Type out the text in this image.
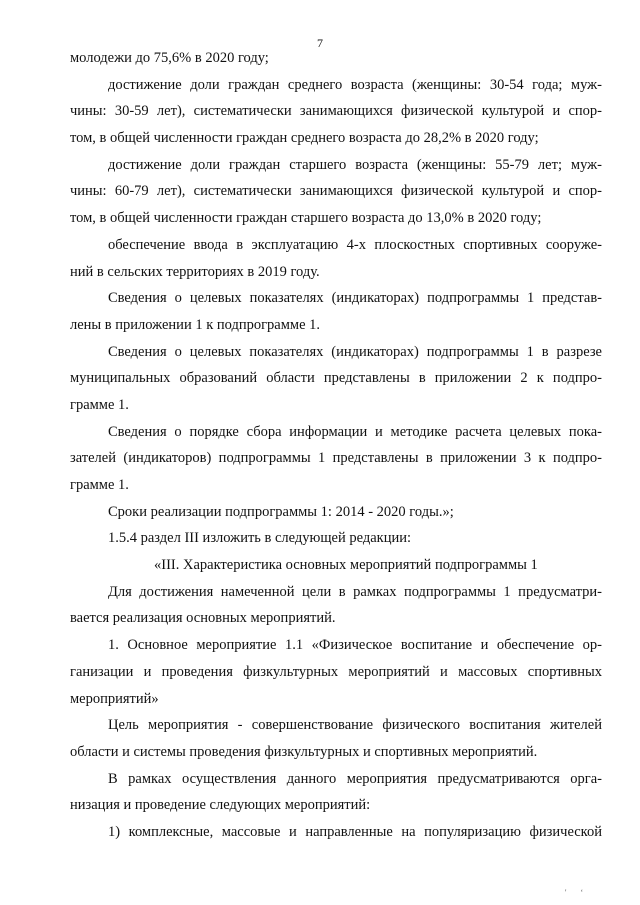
7
молодежи до 75,6% в 2020 году;
достижение доли граждан среднего возраста (женщины: 30-54 года; муж-
чины: 30-59 лет), систематически занимающихся физической культурой и спор-
том, в общей численности граждан среднего возраста до 28,2% в 2020 году;
достижение доли граждан старшего возраста (женщины: 55-79 лет; муж-
чины: 60-79 лет), систематически занимающихся физической культурой и спор-
том, в общей численности граждан старшего возраста до 13,0% в 2020 году;
обеспечение ввода в эксплуатацию 4-х плоскостных спортивных сооруже-
ний в сельских территориях в 2019 году.
Сведения о целевых показателях (индикаторах) подпрограммы 1 представ-
лены в приложении 1 к подпрограмме 1.
Сведения о целевых показателях (индикаторах) подпрограммы 1 в разрезе
муниципальных образований области представлены в приложении 2 к подпро-
грамме 1.
Сведения о порядке сбора информации и методике расчета целевых пока-
зателей (индикаторов) подпрограммы 1 представлены в приложении 3 к подпро-
грамме 1.
Сроки реализации подпрограммы 1: 2014 - 2020 годы.»;
1.5.4 раздел III изложить в следующей редакции:
«III. Характеристика основных мероприятий подпрограммы 1
Для достижения намеченной цели в рамках подпрограммы 1 предусматри-
вается реализация основных мероприятий.
1. Основное мероприятие 1.1 «Физическое воспитание и обеспечение ор-
ганизации и проведения физкультурных мероприятий и массовых спортивных
мероприятий»
Цель мероприятия - совершенствование физического воспитания жителей
области и системы проведения физкультурных и спортивных мероприятий.
В рамках осуществления данного мероприятия предусматриваются орга-
низация и проведение следующих мероприятий:
1) комплексные, массовые и направленные на популяризацию физической
' ‘
